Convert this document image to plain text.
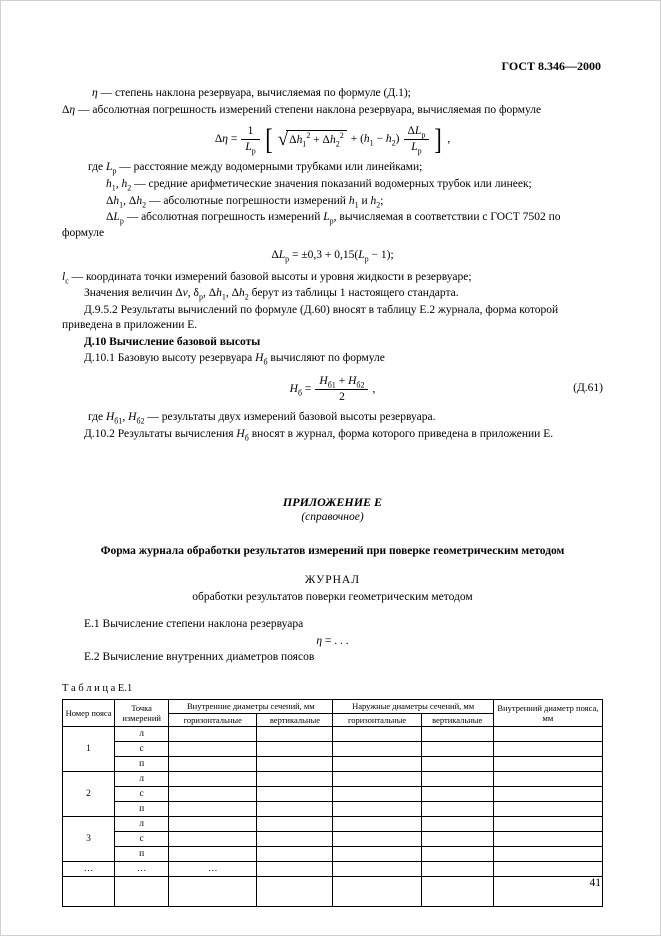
ГОСТ 8.346—2000

η — степень наклона резервуара, вычисляемая по формуле (Д.1);

Δη — абсолютная погрешность измерений степени наклона резервуара, вычисляемая по формуле

$\Delta\eta = \frac{1}{L_р}$ [ √ $\Delta h_1^2 + \Delta h_2^2 + (h_1 - h_2) \frac{\Delta L_р}{L_р}$ ] ,

где $L_р$ — расстояние между водомерными трубками или линейками;

$h_1$, $h_2$ — средние арифметические значения показаний водомерных трубок или линеек;

$\Delta h_1$, $\Delta h_2$ — абсолютные погрешности измерений $h_1$ и $h_2$;

$\Delta L_р$ — абсолютная погрешность измерений $L_р$, вычисляемая в соответствии с ГОСТ 7502 по формуле

$\Delta L_р = \pm 0,3 + 0,15(L_р - 1)$;

$l_с$ — координата точки измерений базовой высоты и уровня жидкости в резервуаре;

Значения величин Δv, $\delta_р$, $\Delta h_1$, $\Delta h_2$ берут из таблицы 1 настоящего стандарта.

Д.9.5.2 Результаты вычислений по формуле (Д.60) вносят в таблицу Е.2 журнала, форма которой приведена в приложении Е.

Д.10 Вычисление базовой высоты

Д.10.1 Базовую высоту резервуара $H_б$ вычисляют по формуле

$H_б = \frac{H_{б1} + H_{б2}}{2}$ ,	(Д.61)

где $H_{б1}$, $H_{б2}$ — результаты двух измерений базовой высоты резервуара.

Д.10.2 Результаты вычисления $H_б$ вносят в журнал, форма которого приведена в приложении Е.

ПРИЛОЖЕНИЕ Е
(справочное)
Форма журнала обработки результатов измерений при поверке геометрическим методом
ЖУРНАЛ
обработки результатов поверки геометрическим методом

Е.1 Вычисление степени наклона резервуара

η = . . .

Е.2 Вычисление внутренних диаметров поясов

Т а б л и ц а Е.1
Номер пояса	Точка измерений	Внутренние диаметры сечений, мм		Наружные диаметры сечений, мм		Внутренний диаметр пояса, мм
		горизонтальные	вертикальные	горизонтальные	вертикальные	
1	л					
	с					
	п					
2	л					
	с					
	п					
3	л					
	с					
	п					
…	…	…				

41
